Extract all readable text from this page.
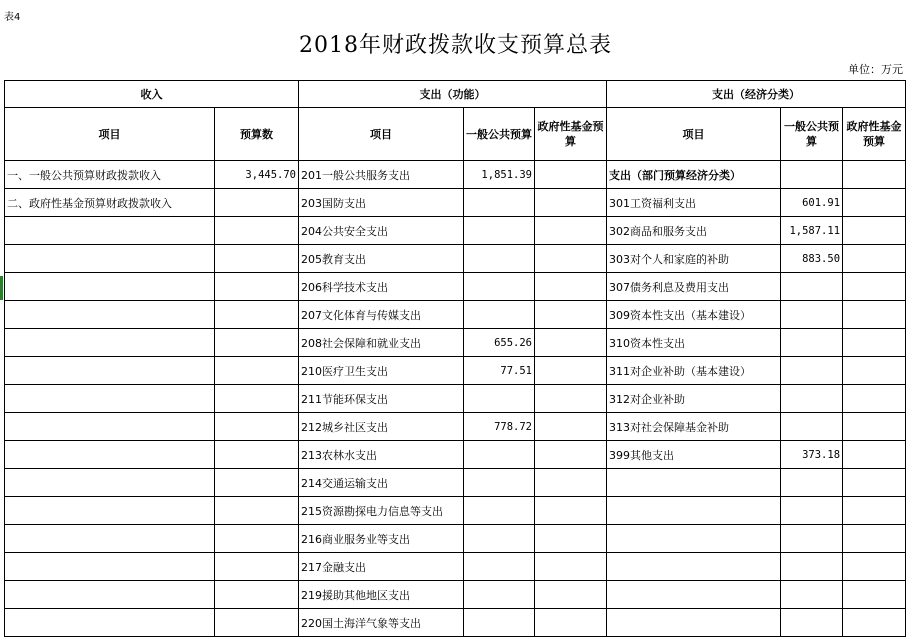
表4
2018年财政拨款收支预算总表
单位：万元
收入		支出（功能）			支出（经济分类）		
项目	预算数	项目	一般公共预算	政府性基金预算	项目	一般公共预算	政府性基金预算
一、一般公共预算财政拨款收入	3,445.70	201一般公共服务支出	1,851.39		支出（部门预算经济分类）		
二、政府性基金预算财政拨款收入		203国防支出			301工资福利支出	601.91	
		204公共安全支出			302商品和服务支出	1,587.11	
		205教育支出			303对个人和家庭的补助	883.50	
		206科学技术支出			307债务利息及费用支出		
		207文化体育与传媒支出			309资本性支出（基本建设）		
		208社会保障和就业支出	655.26		310资本性支出		
		210医疗卫生支出	77.51		311对企业补助（基本建设）		
		211节能环保支出			312对企业补助		
		212城乡社区支出	778.72		313对社会保障基金补助		
		213农林水支出			399其他支出	373.18	
		214交通运输支出					
		215资源勘探电力信息等支出					
		216商业服务业等支出					
		217金融支出					
		219援助其他地区支出					
		220国土海洋气象等支出					
